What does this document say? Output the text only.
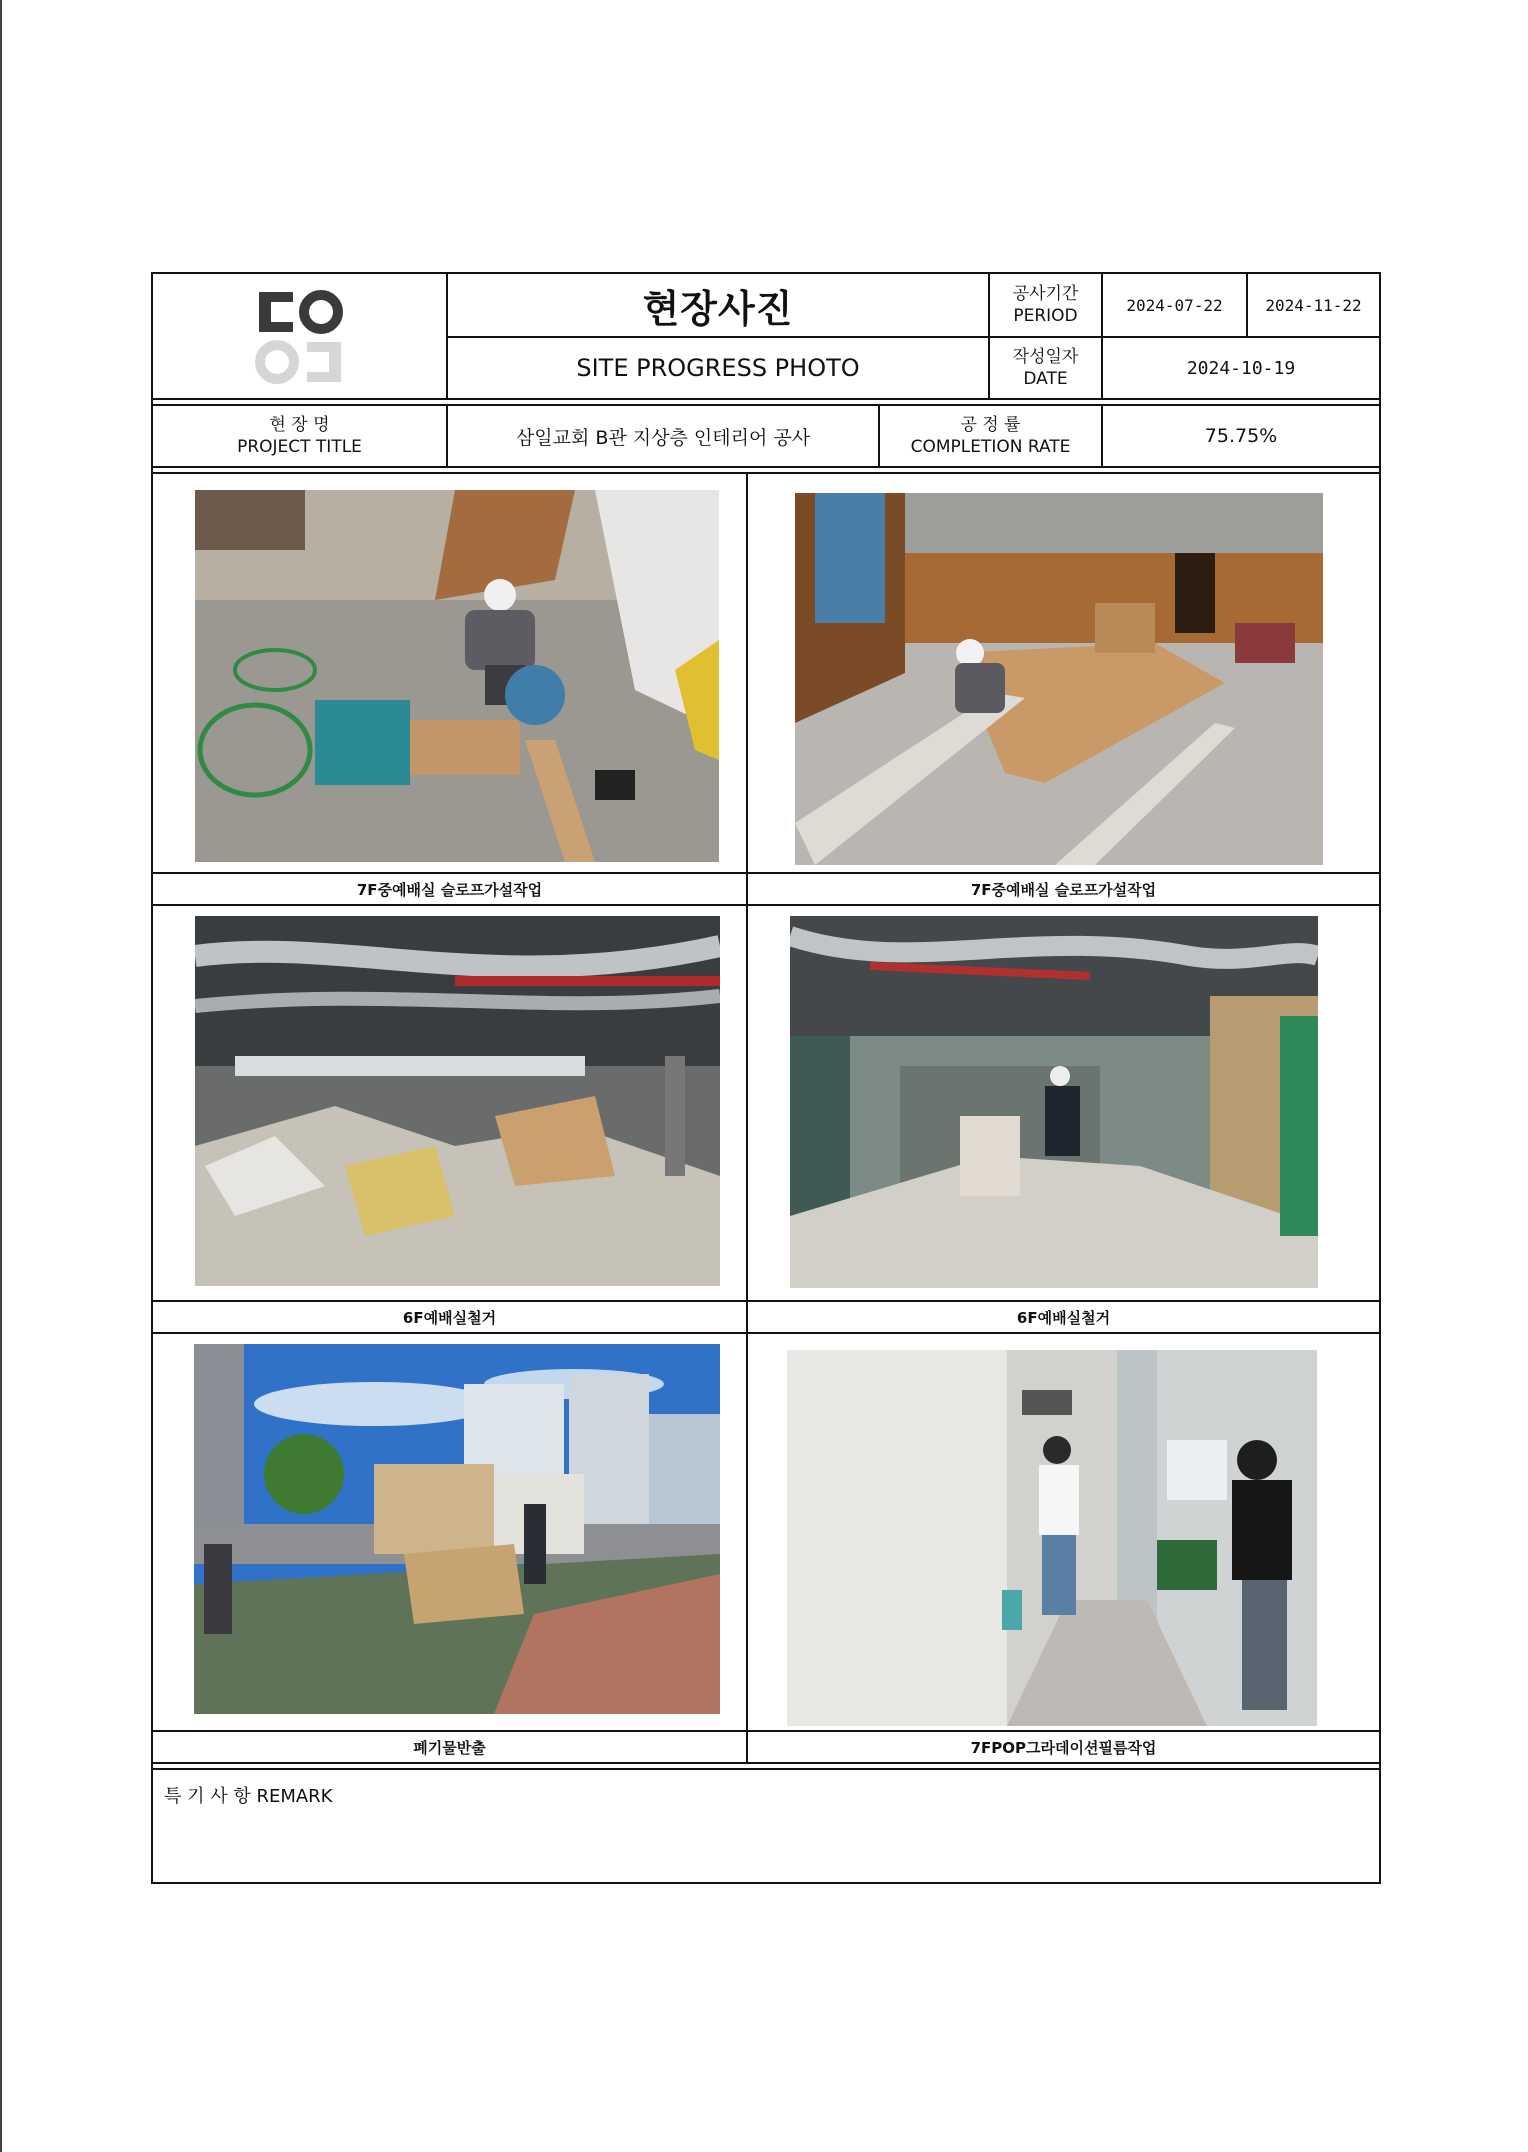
현장사진
SITE PROGRESS PHOTO
공사기간
PERIOD
2024-07-22	2024-11-22
작성일자
DATE
2024-10-19
현 장 명
PROJECT TITLE	삼일교회 B관 지상층 인테리어 공사
공 정 률
COMPLETION RATE	75.75%
7F중예배실 슬로프가설작업	7F중예배실 슬로프가설작업
6F예배실철거	6F예배실철거
폐기물반출	7FPOP그라데이션필름작업
특 기 사 항 REMARK
